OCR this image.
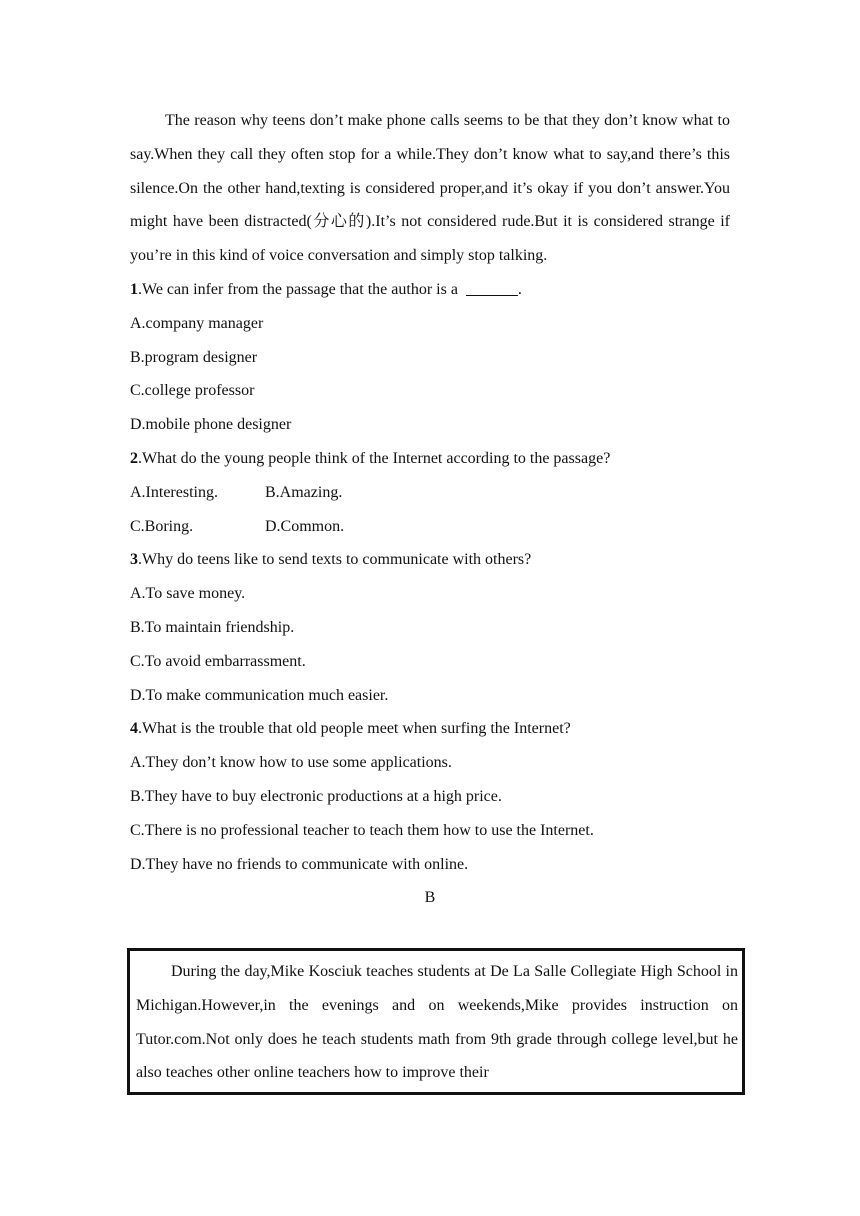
The reason why teens don’t make phone calls seems to be that they don’t know what to say.When they call they often stop for a while.They don’t know what to say,and there’s this silence.On the other hand,texting is considered proper,and it’s okay if you don’t answer.You might have been distracted(分心的).It’s not considered rude.But it is considered strange if you’re in this kind of voice conversation and simply stop talking.

1.We can infer from the passage that the author is a	.
A.company manager
B.program designer
C.college professor
D.mobile phone designer
2.What do the young people think of the Internet according to the passage?
A.Interesting.	B.Amazing.
C.Boring.	D.Common.
3.Why do teens like to send texts to communicate with others?
A.To save money.
B.To maintain friendship.
C.To avoid embarrassment.
D.To make communication much easier.
4.What is the trouble that old people meet when surfing the Internet?
A.They don’t know how to use some applications.
B.They have to buy electronic productions at a high price.
C.There is no professional teacher to teach them how to use the Internet.
D.They have no friends to communicate with online.
B

During the day,Mike Kosciuk teaches students at De La Salle Collegiate High School in Michigan.However,in the evenings and on weekends,Mike provides instruction on Tutor.com.Not only does he teach students math from 9th grade through college level,but he also teaches other online teachers how to improve their
